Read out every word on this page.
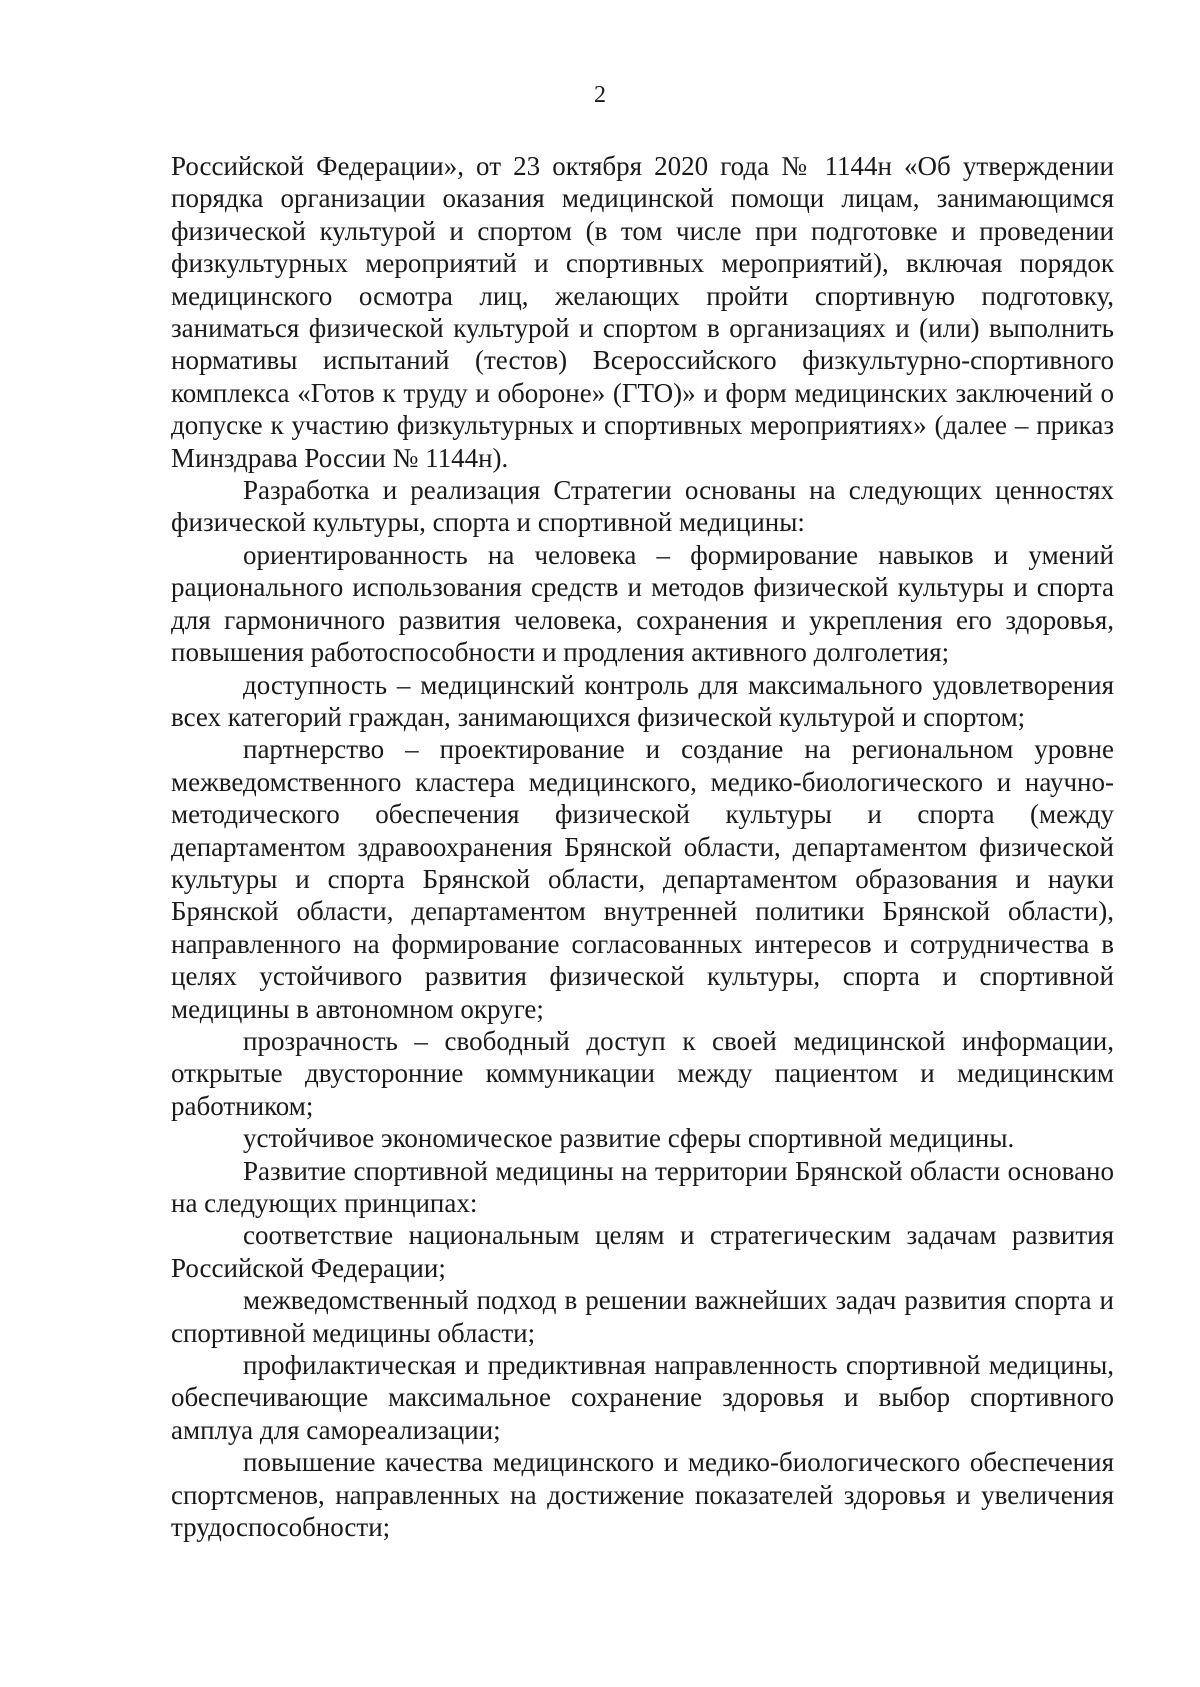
2

Российской Федерации», от 23 октября 2020 года № 1144н «Об утверждении порядка организации оказания медицинской помощи лицам, занимающимся физической культурой и спортом (в том числе при подготовке и проведении физкультурных мероприятий и спортивных мероприятий), включая порядок медицинского осмотра лиц, желающих пройти спортивную подготовку, заниматься физической культурой и спортом в организациях и (или) выполнить нормативы испытаний (тестов) Всероссийского физкультурно-спортивного комплекса «Готов к труду и обороне» (ГТО)» и форм медицинских заключений о допуске к участию физкультурных и спортивных мероприятиях» (далее – приказ Минздрава России № 1144н).

Разработка и реализация Стратегии основаны на следующих ценностях физической культуры, спорта и спортивной медицины:

ориентированность на человека – формирование навыков и умений рационального использования средств и методов физической культуры и спорта для гармоничного развития человека, сохранения и укрепления его здоровья, повышения работоспособности и продления активного долголетия;

доступность – медицинский контроль для максимального удовлетворения всех категорий граждан, занимающихся физической культурой и спортом;

партнерство – проектирование и создание на региональном уровне межведомственного кластера медицинского, медико-биологического и научно-методического обеспечения физической культуры и спорта (между департаментом здравоохранения Брянской области, департаментом физической культуры и спорта Брянской области, департаментом образования и науки Брянской области, департаментом внутренней политики Брянской области), направленного на формирование согласованных интересов и сотрудничества в целях устойчивого развития физической культуры, спорта и спортивной медицины в автономном округе;

прозрачность – свободный доступ к своей медицинской информации, открытые двусторонние коммуникации между пациентом и медицинским работником;

устойчивое экономическое развитие сферы спортивной медицины.

Развитие спортивной медицины на территории Брянской области основано на следующих принципах:

соответствие национальным целям и стратегическим задачам развития Российской Федерации;

межведомственный подход в решении важнейших задач развития спорта и спортивной медицины области;

профилактическая и предиктивная направленность спортивной медицины, обеспечивающие максимальное сохранение здоровья и выбор спортивного амплуа для самореализации;

повышение качества медицинского и медико-биологического обеспечения спортсменов, направленных на достижение показателей здоровья и увеличения трудоспособности;
